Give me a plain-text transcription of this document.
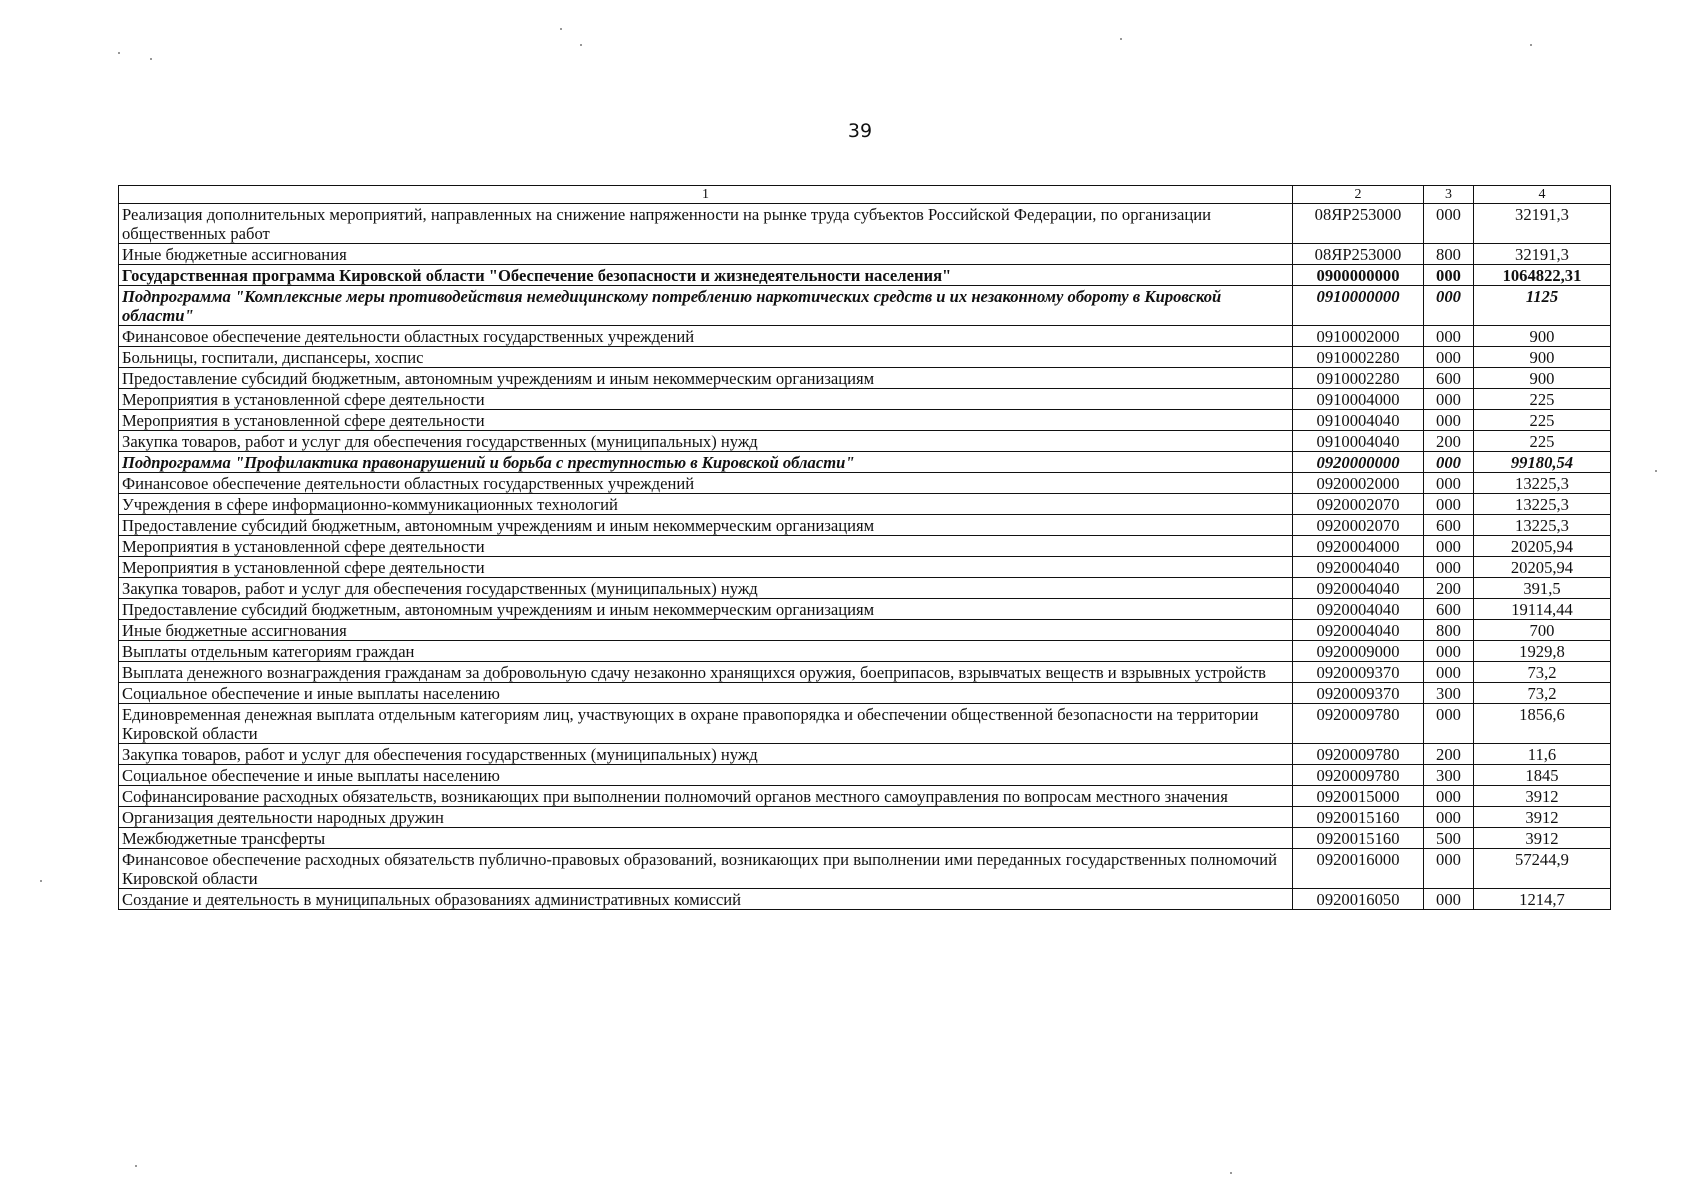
39
1	2	3	4
Реализация дополнительных мероприятий, направленных на снижение напряженности на рынке труда субъектов Российской Федерации, по организации общественных работ	08ЯР253000	000	32191,3
Иные бюджетные ассигнования	08ЯР253000	800	32191,3
Государственная программа Кировской области "Обеспечение безопасности и жизнедеятельности населения"	0900000000	000	1064822,31
Подпрограмма "Комплексные меры противодействия немедицинскому потреблению наркотических средств и их незаконному обороту в Кировской области"	0910000000	000	1125
Финансовое обеспечение деятельности областных государственных учреждений	0910002000	000	900
Больницы, госпитали, диспансеры, хоспис	0910002280	000	900
Предоставление субсидий бюджетным, автономным учреждениям и иным некоммерческим организациям	0910002280	600	900
Мероприятия в установленной сфере деятельности	0910004000	000	225
Мероприятия в установленной сфере деятельности	0910004040	000	225
Закупка товаров, работ и услуг для обеспечения государственных (муниципальных) нужд	0910004040	200	225
Подпрограмма "Профилактика правонарушений и борьба с преступностью в Кировской области"	0920000000	000	99180,54
Финансовое обеспечение деятельности областных государственных учреждений	0920002000	000	13225,3
Учреждения в сфере информационно-коммуникационных технологий	0920002070	000	13225,3
Предоставление субсидий бюджетным, автономным учреждениям и иным некоммерческим организациям	0920002070	600	13225,3
Мероприятия в установленной сфере деятельности	0920004000	000	20205,94
Мероприятия в установленной сфере деятельности	0920004040	000	20205,94
Закупка товаров, работ и услуг для обеспечения государственных (муниципальных) нужд	0920004040	200	391,5
Предоставление субсидий бюджетным, автономным учреждениям и иным некоммерческим организациям	0920004040	600	19114,44
Иные бюджетные ассигнования	0920004040	800	700
Выплаты отдельным категориям граждан	0920009000	000	1929,8
Выплата денежного вознаграждения гражданам за добровольную сдачу незаконно хранящихся оружия, боеприпасов, взрывчатых веществ и взрывных устройств	0920009370	000	73,2
Социальное обеспечение и иные выплаты населению	0920009370	300	73,2
Единовременная денежная выплата отдельным категориям лиц, участвующих в охране правопорядка и обеспечении общественной безопасности на территории Кировской области	0920009780	000	1856,6
Закупка товаров, работ и услуг для обеспечения государственных (муниципальных) нужд	0920009780	200	11,6
Социальное обеспечение и иные выплаты населению	0920009780	300	1845
Софинансирование расходных обязательств, возникающих при выполнении полномочий органов местного самоуправления по вопросам местного значения	0920015000	000	3912
Организация деятельности народных дружин	0920015160	000	3912
Межбюджетные трансферты	0920015160	500	3912
Финансовое обеспечение расходных обязательств публично-правовых образований, возникающих при выполнении ими переданных государственных полномочий Кировской области	0920016000	000	57244,9
Создание и деятельность в муниципальных образованиях административных комиссий	0920016050	000	1214,7
